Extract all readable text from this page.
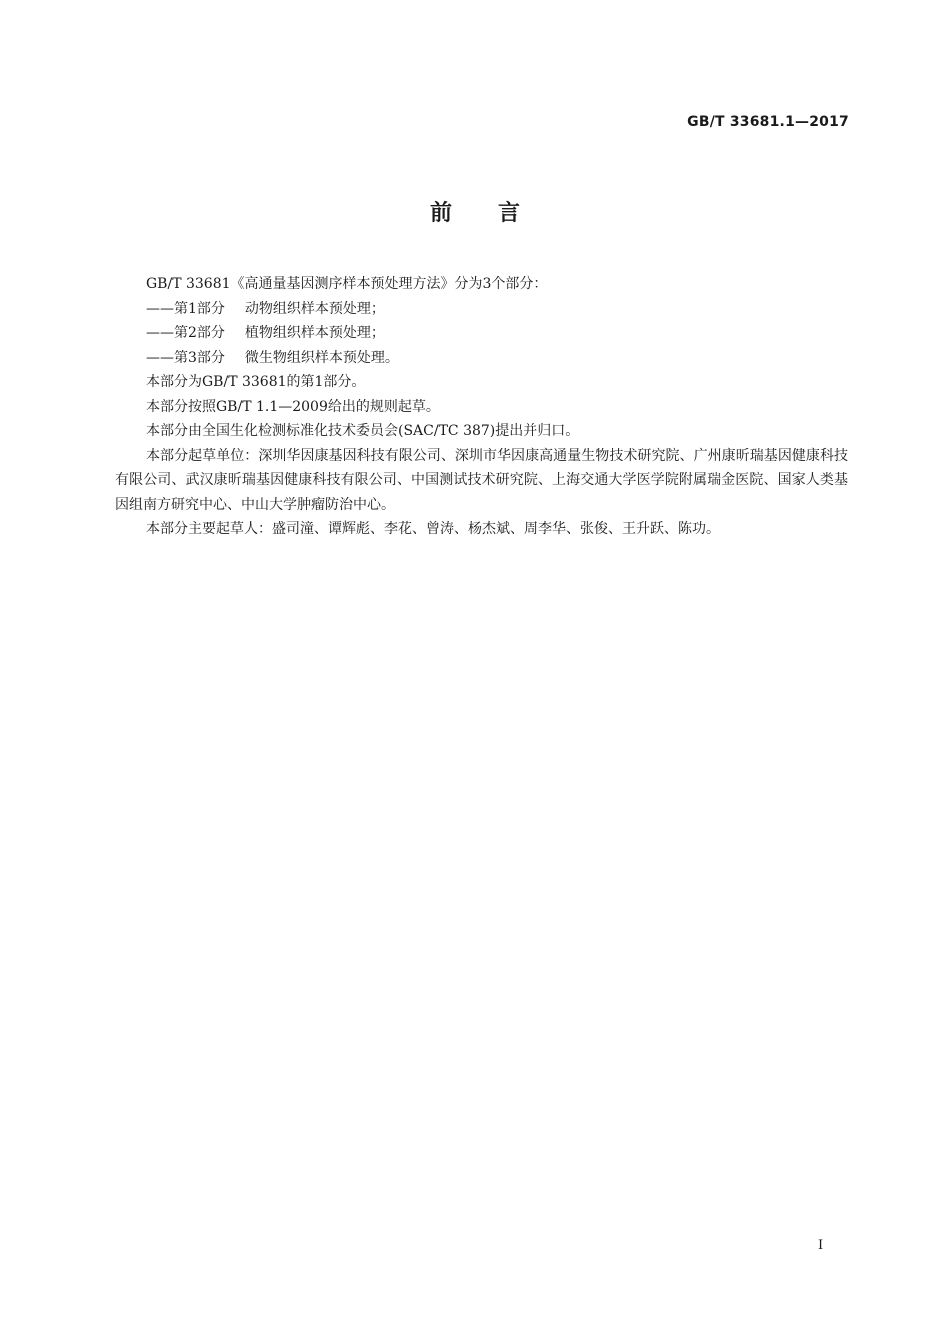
GB/T 33681.1—2017
前 言

GB/T 33681《高通量基因测序样本预处理方法》分为3个部分：

——第1部分 动物组织样本预处理；

——第2部分 植物组织样本预处理；

——第3部分 微生物组织样本预处理。

本部分为GB/T 33681的第1部分。

本部分按照GB/T 1.1—2009给出的规则起草。

本部分由全国生化检测标准化技术委员会(SAC/TC 387)提出并归口。

本部分起草单位：深圳华因康基因科技有限公司、深圳市华因康高通量生物技术研究院、广州康昕瑞基因健康科技有限公司、武汉康昕瑞基因健康科技有限公司、中国测试技术研究院、上海交通大学医学院附属瑞金医院、国家人类基因组南方研究中心、中山大学肿瘤防治中心。

本部分主要起草人：盛司潼、谭辉彪、李花、曾涛、杨杰斌、周李华、张俊、王升跃、陈功。

I
